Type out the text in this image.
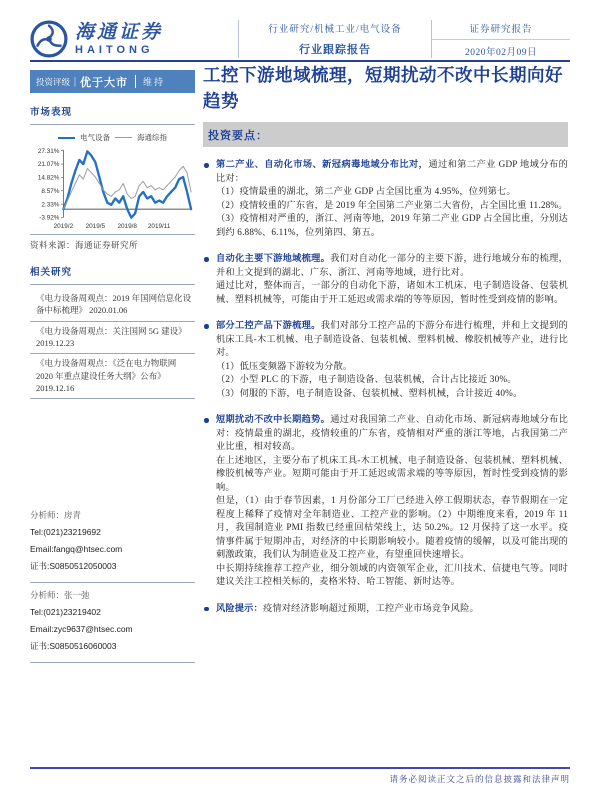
海通证券
HAITONG
行业研究/机械工业/电气设备
行业跟踪报告
证券研究报告
2020年02月09日
投资评级 | 优于大市	维持 工控下游地域梳理，短期扰动不改中长期向好趋势
市场表现
电气设备	海通综指
27.31%
21.07%
14.82%
8.57%
2.33%
-3.92%
2019/2 2019/5 2019/8 2019/11
资料来源：海通证券研究所
相关研究
《电力设备周观点：2019 年国网信息化设备中标梳理》 2020.01.06
《电力设备周观点：关注国网 5G 建设》 2019.12.23
《电力设备周观点：《泛在电力物联网 2020 年重点建设任务大纲》公布》 2019.12.16
分析师：房青
Tel:(021)23219692
Email:fangq@htsec.com
证书:S0850512050003
分析师：张一弛
Tel:(021)23219402
Email:zyc9637@htsec.com
证书:S0850516060003
投资要点：

第二产业、自动化市场、新冠病毒地域分布比对，通过和第二产业 GDP 地域分布的比对：

（1）疫情最重的湖北，第二产业 GDP 占全国比重为 4.95%，位列第七。

（2）疫情较重的广东省，是 2019 年全国第二产业第二大省份，占全国比重 11.28%。

（3）疫情相对严重的，浙江、河南等地，2019 年第二产业 GDP 占全国比重，分别达到约 6.88%、6.11%，位列第四、第五。

自动化主要下游地域梳理。我们对自动化一部分的主要下游，进行地域分布的梳理，并和上文提到的湖北、广东、浙江、河南等地域，进行比对。

通过比对，整体而言，一部分的自动化下游，诸如木工机床、电子制造设备、包装机械、塑料机械等，可能由于开工延迟或需求端的等等原因，暂时性受到疫情的影响。

部分工控产品下游梳理。我们对部分工控产品的下游分布进行梳理，并和上文提到的机床工具-木工机械、电子制造设备、包装机械、塑料机械、橡胶机械等产业，进行比对。

（1）低压变频器下游较为分散。

（2）小型 PLC 的下游，电子制造设备、包装机械，合计占比接近 30%。

（3）伺服的下游，电子制造设备、包装机械、塑料机械，合计接近 40%。

短期扰动不改中长期趋势。通过对我国第二产业、自动化市场、新冠病毒地域分布比对：疫情最重的湖北，疫情较重的广东省，疫情相对严重的浙江等地，占我国第二产业比重，相对较高。

在上述地区，主要分布了机床工具-木工机械、电子制造设备、包装机械、塑料机械、橡胶机械等产业。短期可能由于开工延迟或需求端的等等原因，暂时性受到疫情的影响。

但是，（1）由于春节因素，1 月份部分工厂已经进入停工假期状态，春节假期在一定程度上稀释了疫情对全年制造业、工控产业的影响。（2）中期维度来看，2019 年 11 月，我国制造业 PMI 指数已经重回枯荣线上，达 50.2%。12 月保持了这一水平。疫情事件属于短期冲击，对经济的中长期影响较小。随着疫情的缓解，以及可能出现的刺激政策，我们认为制造业及工控产业，有望重回快速增长。

中长期持续推荐工控产业，细分领域的内资领军企业，汇川技术、信捷电气等。同时建议关注工控相关标的，麦格米特、哈工智能、新时达等。

风险提示：疫情对经济影响超过预期，工控产业市场竞争风险。

请务必阅读正文之后的信息披露和法律声明
